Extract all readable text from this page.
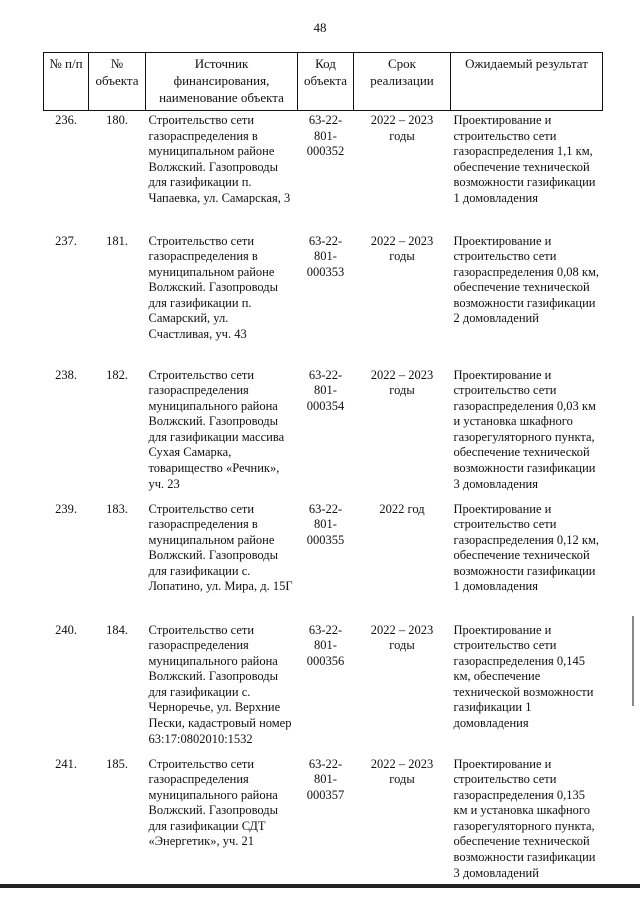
48
№ п/п	№ объекта	Источник финансирования, наименование объекта	Код объекта	Срок реализации	Ожидаемый результат
236.	180.	Строительство сети газораспределения в муниципальном районе Волжский. Газопроводы для газификации п. Чапаевка, ул. Самарская, 3	63-22-801-000352	2022 – 2023 годы	Проектирование и строительство сети газораспределения 1,1 км, обеспечение технической возможности газификации 1 домовладения
237.	181.	Строительство сети газораспределения в муниципальном районе Волжский. Газопроводы для газификации п. Самарский, ул. Счастливая, уч. 43	63-22-801-000353	2022 – 2023 годы	Проектирование и строительство сети газораспределения 0,08 км, обеспечение технической возможности газификации 2 домовладений
238.	182.	Строительство сети газораспределения муниципального района Волжский. Газопроводы для газификации массива Сухая Самарка, товарищество «Речник», уч. 23	63-22-801-000354	2022 – 2023 годы	Проектирование и строительство сети газораспределения 0,03 км и установка шкафного газорегуляторного пункта, обеспечение технической возможности газификации 3 домовладения
239.	183.	Строительство сети газораспределения в муниципальном районе Волжский. Газопроводы для газификации с. Лопатино, ул. Мира, д. 15Г	63-22-801-000355	2022 год	Проектирование и строительство сети газораспределения 0,12 км, обеспечение технической возможности газификации 1 домовладения
240.	184.	Строительство сети газораспределения муниципального района Волжский. Газопроводы для газификации с. Черноречье, ул. Верхние Пески, кадастровый номер 63:17:0802010:1532	63-22-801-000356	2022 – 2023 годы	Проектирование и строительство сети газораспределения 0,145 км, обеспечение технической возможности газификации 1 домовладения
241.	185.	Строительство сети газораспределения муниципального района Волжский. Газопроводы для газификации СДТ «Энергетик», уч. 21	63-22-801-000357	2022 – 2023 годы	Проектирование и строительство сети газораспределения 0,135 км и установка шкафного газорегуляторного пункта, обеспечение технической возможности газификации 3 домовладений
